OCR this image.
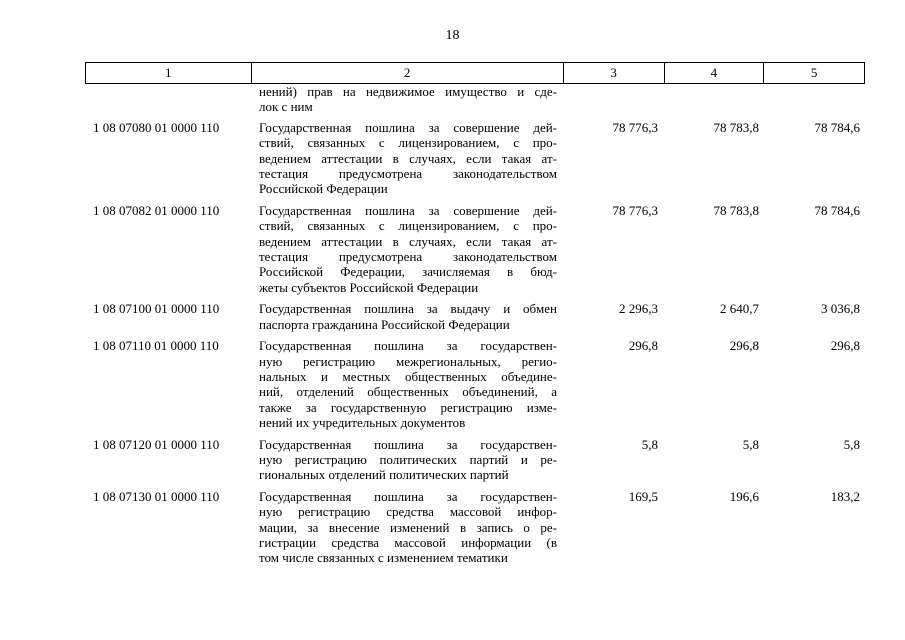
18
1	2	3	4	5
нений) прав на недвижимое имущество и сде-
лок с ним
1 08 07080 01 0000 110	Государственная пошлина за совершение дей-
ствий, связанных с лицензированием, с про-
ведением аттестации в случаях, если такая ат-
тестация предусмотрена законодательством
Российской Федерации
78 776,3	78 783,8	78 784,6
1 08 07082 01 0000 110	Государственная пошлина за совершение дей-
ствий, связанных с лицензированием, с про-
ведением аттестации в случаях, если такая ат-
тестация предусмотрена законодательством
Российской Федерации, зачисляемая в бюд-
жеты субъектов Российской Федерации
78 776,3	78 783,8	78 784,6
1 08 07100 01 0000 110	Государственная пошлина за выдачу и обмен
паспорта гражданина Российской Федерации
2 296,3	2 640,7	3 036,8
1 08 07110 01 0000 110	Государственная пошлина за государствен-
ную регистрацию межрегиональных, регио-
нальных и местных общественных объедине-
ний, отделений общественных объединений, а
также за государственную регистрацию изме-
нений их учредительных документов
296,8	296,8	296,8
1 08 07120 01 0000 110	Государственная пошлина за государствен-
ную регистрацию политических партий и ре-
гиональных отделений политических партий
5,8	5,8	5,8
1 08 07130 01 0000 110	Государственная пошлина за государствен-
ную регистрацию средства массовой инфор-
мации, за внесение изменений в запись о ре-
гистрации средства массовой информации (в
том числе связанных с изменением тематики
169,5	196,6	183,2
